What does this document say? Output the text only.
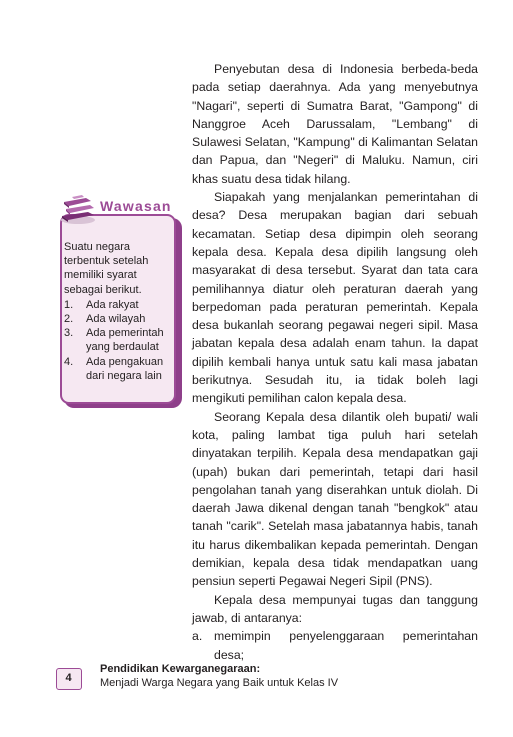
Wawasan

Suatu negara terbentuk setelah memiliki syarat sebagai berikut.

1. Ada rakyat
2. Ada wilayah
3. Ada pemerintah yang berdaulat
4. Ada pengakuan dari negara lain

Penyebutan desa di Indonesia berbeda-beda pada setiap daerahnya. Ada yang menyebutnya "Nagari", seperti di Sumatra Barat, "Gampong" di Nanggroe Aceh Darussalam, "Lembang" di Sulawesi Selatan, "Kampung" di Kalimantan Selatan dan Papua, dan "Negeri" di Maluku. Namun, ciri khas suatu desa tidak hilang.

Siapakah yang menjalankan pemerintahan di desa? Desa merupakan bagian dari sebuah kecamatan. Setiap desa dipimpin oleh seorang kepala desa. Kepala desa dipilih langsung oleh masyarakat di desa tersebut. Syarat dan tata cara pemilihannya diatur oleh peraturan daerah yang berpedoman pada peraturan pemerintah. Kepala desa bukanlah seorang pegawai negeri sipil. Masa jabatan kepala desa adalah enam tahun. Ia dapat dipilih kembali hanya untuk satu kali masa jabatan berikutnya. Sesudah itu, ia tidak boleh lagi mengikuti pemilihan calon kepala desa.

Seorang Kepala desa dilantik oleh bupati/ wali kota, paling lambat tiga puluh hari setelah dinyatakan terpilih. Kepala desa mendapatkan gaji (upah) bukan dari pemerintah, tetapi dari hasil pengolahan tanah yang diserahkan untuk diolah. Di daerah Jawa dikenal dengan tanah "bengkok" atau tanah "carik". Setelah masa jabatannya habis, tanah itu harus dikembalikan kepada pemerintah. Dengan demikian, kepala desa tidak mendapatkan uang pensiun seperti Pegawai Negeri Sipil (PNS).

Kepala desa mempunyai tugas dan tanggung jawab, di antaranya:

a. memimpin penyelenggaraan pemerintahan desa;
4
Pendidikan Kewarganegaraan:
Menjadi Warga Negara yang Baik untuk Kelas IV
